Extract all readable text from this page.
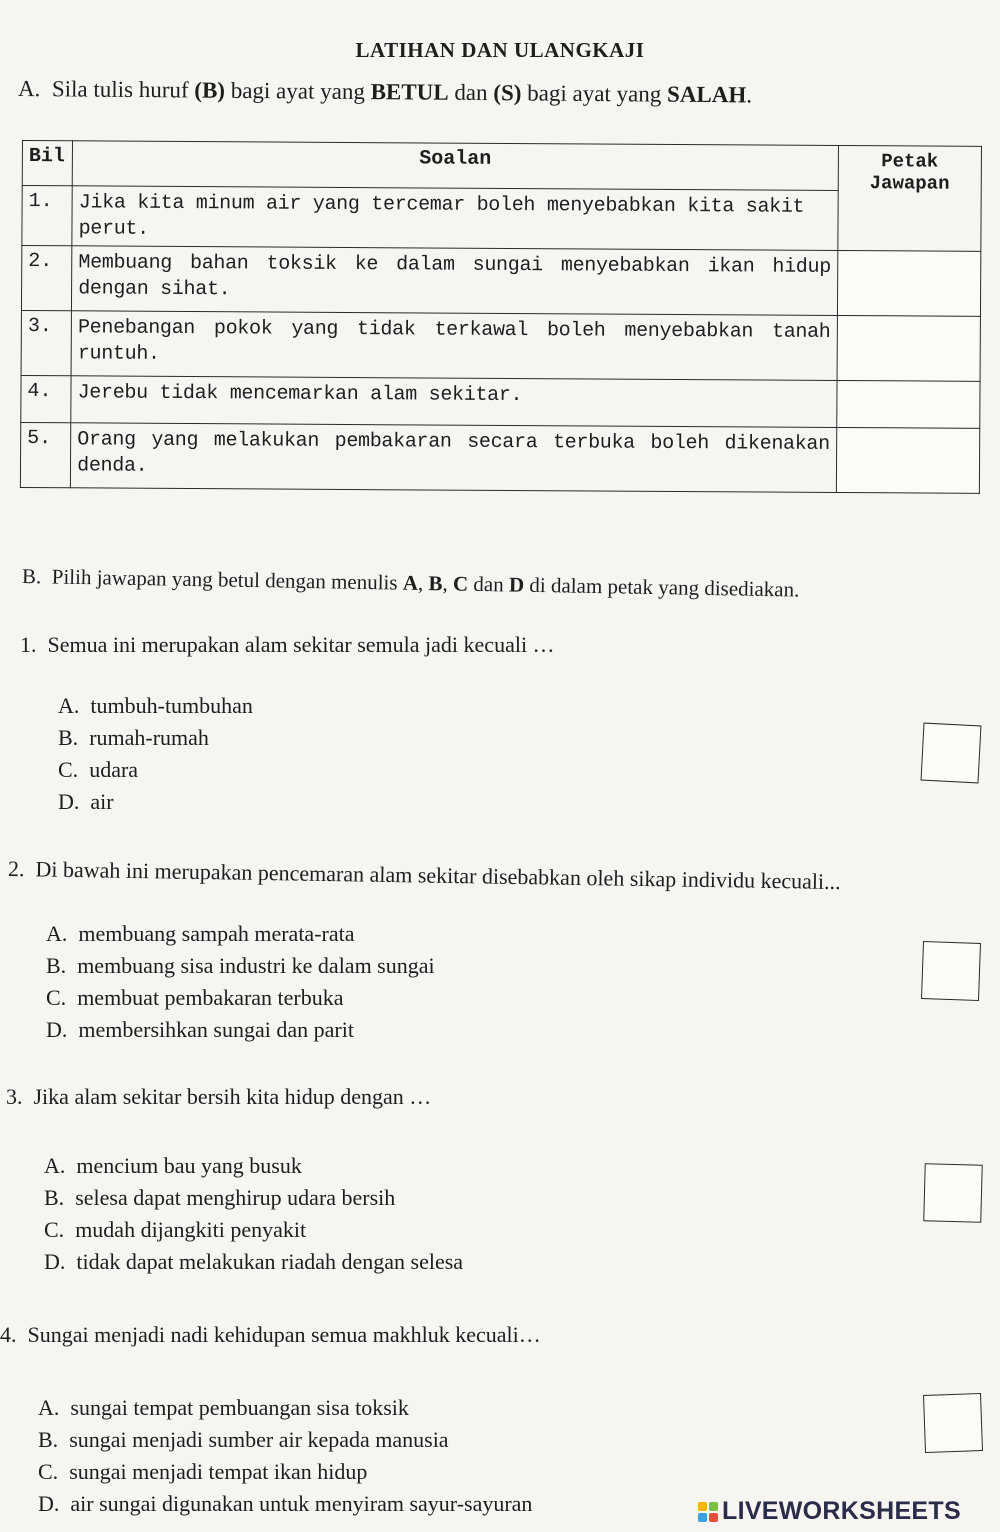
LATIHAN DAN ULANGKAJI
A. Sila tulis huruf (B) bagi ayat yang BETUL dan (S) bagi ayat yang SALAH.
Bil	Soalan	Petak Jawapan
1.	Jika kita minum air yang tercemar boleh menyebabkan kita sakit perut.	
2.	Membuang bahan toksik ke dalam sungai menyebabkan ikan hidup dengan sihat.	
3.	Penebangan pokok yang tidak terkawal boleh menyebabkan tanah runtuh.	
4.	Jerebu tidak mencemarkan alam sekitar.	
5.	Orang yang melakukan pembakaran secara terbuka boleh dikenakan denda.	
B. Pilih jawapan yang betul dengan menulis A, B, C dan D di dalam petak yang disediakan.
1. Semua ini merupakan alam sekitar semula jadi kecuali …
A. tumbuh-tumbuhan
B. rumah-rumah
C. udara
D. air
2. Di bawah ini merupakan pencemaran alam sekitar disebabkan oleh sikap individu kecuali...
A. membuang sampah merata-rata
B. membuang sisa industri ke dalam sungai
C. membuat pembakaran terbuka
D. membersihkan sungai dan parit
3. Jika alam sekitar bersih kita hidup dengan …
A. mencium bau yang busuk
B. selesa dapat menghirup udara bersih
C. mudah dijangkiti penyakit
D. tidak dapat melakukan riadah dengan selesa
4. Sungai menjadi nadi kehidupan semua makhluk kecuali…
A. sungai tempat pembuangan sisa toksik
B. sungai menjadi sumber air kepada manusia
C. sungai menjadi tempat ikan hidup
D. air sungai digunakan untuk menyiram sayur-sayuran	LIVEWORKSHEETS
